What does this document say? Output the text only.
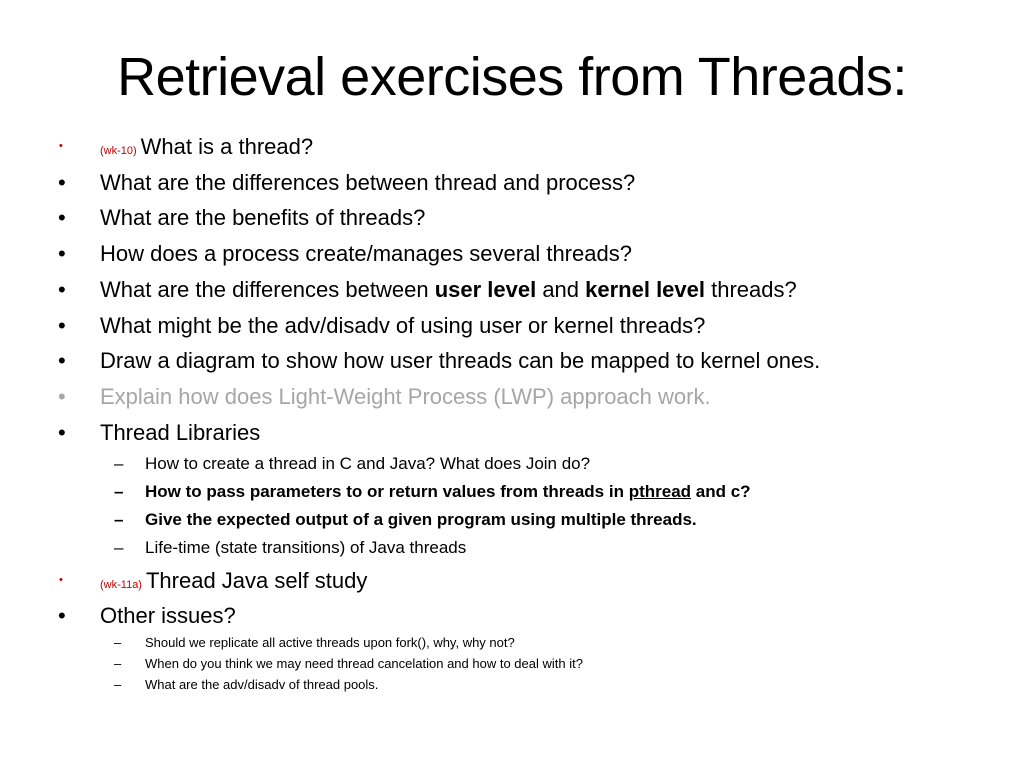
Retrieval exercises from Threads:
•	(wk-10) What is a thread?
• What are the differences between thread and process?
• What are the benefits of threads?
• How does a process create/manages several threads?
• What are the differences between user level and kernel level threads?
• What might be the adv/disadv of using user or kernel threads?
• Draw a diagram to show how user threads can be mapped to kernel ones.
• Explain how does Light-Weight Process (LWP) approach work.
• Thread Libraries
– How to create a thread in C and Java? What does Join do?
– How to pass parameters to or return values from threads in pthread and c?
– Give the expected output of a given program using multiple threads.
– Life-time (state transitions) of Java threads
•	(wk-11a) Thread Java self study
• Other issues?
– Should we replicate all active threads upon fork(), why, why not?
– When do you think we may need thread cancelation and how to deal with it?
– What are the adv/disadv of thread pools.
